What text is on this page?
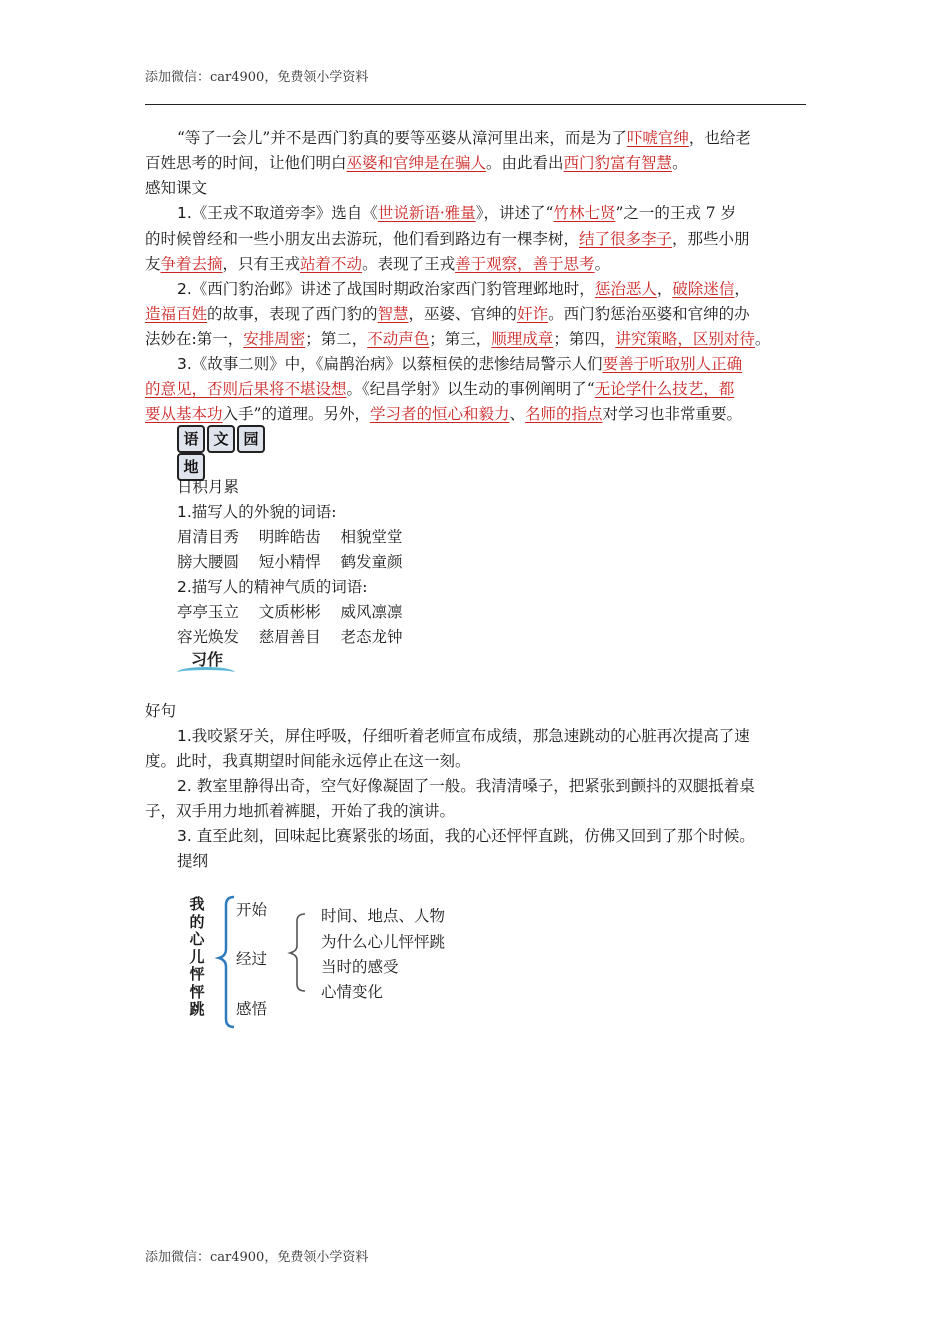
添加微信：car4900，免费领小学资料
“等了一会儿”并不是西门豹真的要等巫婆从漳河里出来，而是为了吓唬官绅，也给老
百姓思考的时间，让他们明白巫婆和官绅是在骗人。由此看出西门豹富有智慧。
感知课文
1.《王戎不取道旁李》选自《世说新语·雅量》，讲述了“竹林七贤”之一的王戎 7 岁
的时候曾经和一些小朋友出去游玩，他们看到路边有一棵李树，结了很多李子，那些小朋
友争着去摘，只有王戎站着不动。表现了王戎善于观察，善于思考。
2.《西门豹治邺》讲述了战国时期政治家西门豹管理邺地时，惩治恶人，破除迷信，
造福百姓的故事，表现了西门豹的智慧，巫婆、官绅的奸诈。西门豹惩治巫婆和官绅的办
法妙在:第一，安排周密；第二，不动声色；第三，顺理成章；第四，讲究策略，区别对待。
3.《故事二则》中，《扁鹊治病》以蔡桓侯的悲惨结局警示人们要善于听取别人正确
的意见，否则后果将不堪设想。《纪昌学射》以生动的事例阐明了“无论学什么技艺，都
要从基本功入手”的道理。另外，学习者的恒心和毅力、名师的指点对学习也非常重要。
语 文 园地
日积月累
1.描写人的外貌的词语:
眉清目秀 明眸皓齿 相貌堂堂
膀大腰圆 短小精悍 鹤发童颜
2.描写人的精神气质的词语:
亭亭玉立 文质彬彬 威风凛凛
容光焕发 慈眉善目 老态龙钟
习作
好句
1.我咬紧牙关，屏住呼吸，仔细听着老师宣布成绩，那急速跳动的心脏再次提高了速
度。此时，我真期望时间能永远停止在这一刻。
2. 教室里静得出奇，空气好像凝固了一般。我清清嗓子，把紧张到颤抖的双腿抵着桌
子，双手用力地抓着裤腿，开始了我的演讲。
3. 直至此刻，回味起比赛紧张的场面，我的心还怦怦直跳，仿佛又回到了那个时候。
提纲
我
的
心
儿
怦
怦
跳
开始
经过
感悟
时间、地点、人物
为什么心儿怦怦跳
当时的感受
心情变化
添加微信：car4900，免费领小学资料
